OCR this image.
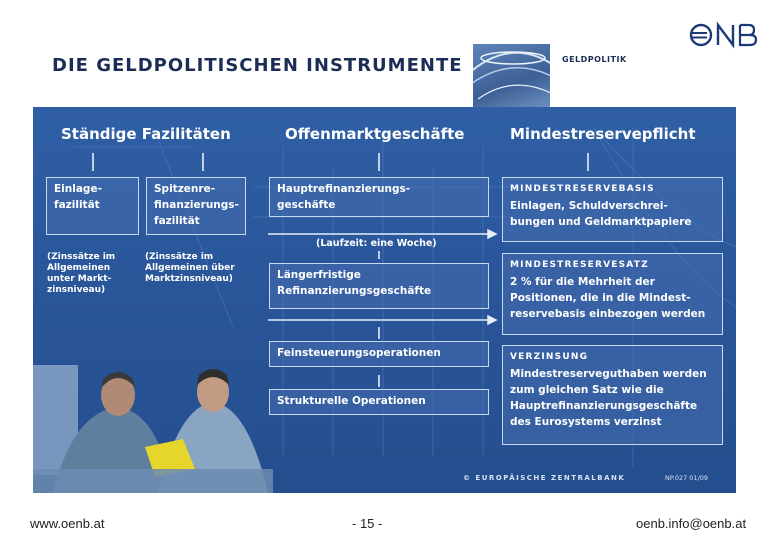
DIE GELDPOLITISCHEN INSTRUMENTE	GELDPOLITIK
Ständige Fazilitäten	Offenmarktgeschäfte	Mindestreservepflicht
Einlage-
fazilität
Spitzenre-
finanzierungs-
fazilität
(Zinssätze im
Allgemeinen
unter Markt-
zinsniveau)
(Zinssätze im
Allgemeinen über
Marktzinsniveau)
Hauptrefinanzierungs-
geschäfte
(Laufzeit: eine Woche)
Längerfristige
Refinanzierungsgeschäfte
Feinsteuerungsoperationen
Strukturelle Operationen
MINDESTRESERVEBASIS
Einlagen, Schuldverschrei-
bungen und Geldmarktpapiere
MINDESTRESERVESATZ
2 % für die Mehrheit der
Positionen, die in die Mindest-
reservebasis einbezogen werden
VERZINSUNG
Mindestreserveguthaben werden
zum gleichen Satz wie die
Hauptrefinanzierungsgeschäfte
des Eurosystems verzinst
© EUROPÄISCHE ZENTRALBANK	NP.027 01/09
www.oenb.at	- 15 -	oenb.info@oenb.at
